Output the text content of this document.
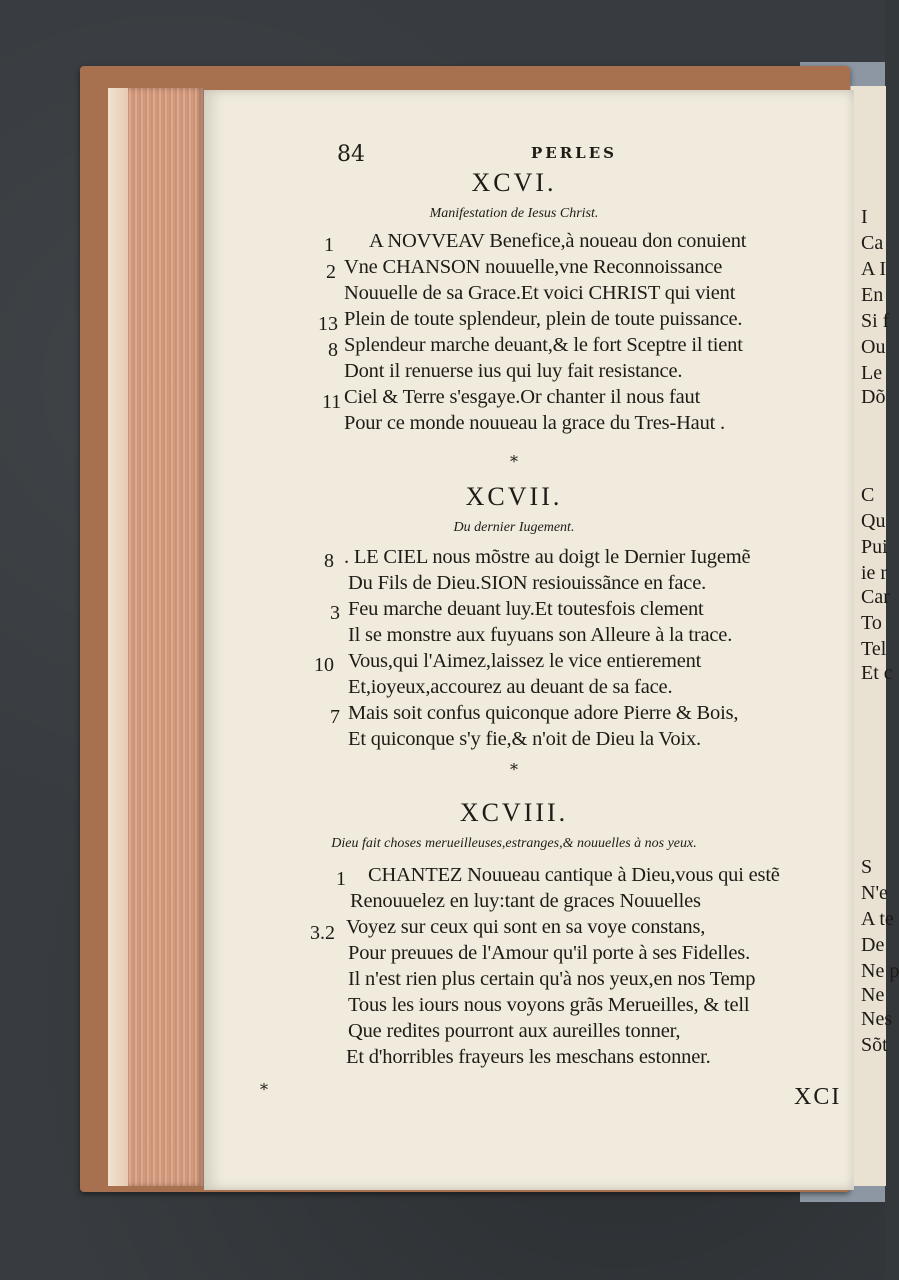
I
Ca
A I
En
Si f
Ou
Le
Dõ
C
Qu
Pui
ie r
Car
To
Tel
Et c
S
N'e
A te
De
Ne p
Ne
Nes
Sõt
84	PERLES
XCVI.
Manifestation de Iesus Christ.
1 A NOVVEAV Benefice,à noueau don conuient
2 Vne CHANSON nouuelle,vne Reconnoissance
Nouuelle de sa Grace.Et voici CHRIST qui vient
13 Plein de toute splendeur, plein de toute puissance.
8 Splendeur marche deuant,& le fort Sceptre il tient
Dont il renuerse ius qui luy fait resistance.
11 Ciel & Terre s'esgaye.Or chanter il nous faut
Pour ce monde nouueau la grace du Tres-Haut .
*
XCVII.
Du dernier Iugement.
8 . LE CIEL nous mõstre au doigt le Dernier Iugemẽ
Du Fils de Dieu.SION resiouissãnce en face.
3 Feu marche deuant luy.Et toutesfois clement
Il se monstre aux fuyuans son Alleure à la trace.
10 Vous,qui l'Aimez,laissez le vice entierement
Et,ioyeux,accourez au deuant de sa face.
7 Mais soit confus quiconque adore Pierre & Bois,
Et quiconque s'y fie,& n'oit de Dieu la Voix.
*
XCVIII.
Dieu fait choses merueilleuses,estranges,& nouuelles à nos yeux.
1 CHANTEZ Nouueau cantique à Dieu,vous qui estẽ
Renouuelez en luy:tant de graces Nouuelles
3.2 Voyez sur ceux qui sont en sa voye constans,
Pour preuues de l'Amour qu'il porte à ses Fidelles.
Il n'est rien plus certain qu'à nos yeux,en nos Temp
Tous les iours nous voyons grãs Merueilles, & tell
Que redites pourront aux aureilles tonner,
Et d'horribles frayeurs les meschans estonner.
*	XCI
